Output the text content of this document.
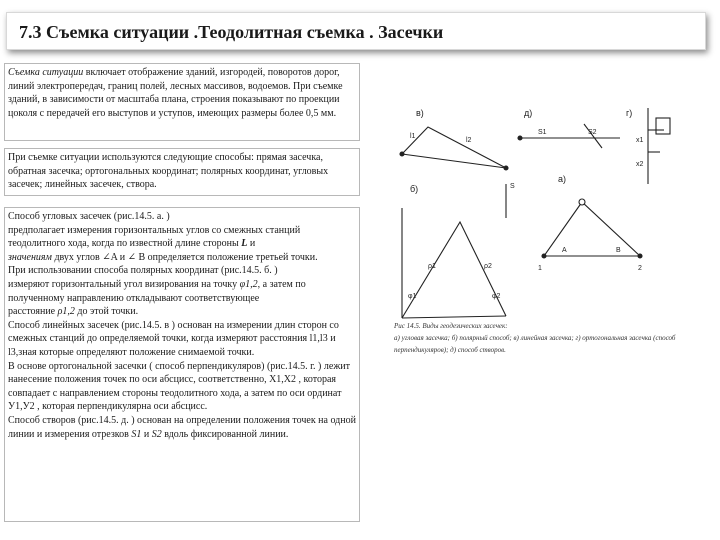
7.3 Съемка ситуации .Теодолитная съемка . Засечки

Съемка ситуации включает отображение зданий, изгородей, поворотов дорог, линий электропередач, границ полей, лесных массивов, водоемов. При съемке зданий, в зависимости от масштаба плана, строения показывают по проекции цоколя с передачей его выступов и уступов, имеющих размеры более 0,5 мм.

При съемке ситуации используются следующие способы: прямая засечка, обратная засечка; ортогональных координат; полярных координат, угловых засечек; линейных засечек, створа.

Способ угловых засечек (рис.14.5. а. )

предполагает измерения горизонтальных углов со смежных станций теодолитного хода, когда по известной длине стороны L и

значениям двух углов ∠A и ∠ B определяется положение третьей точки.

При использовании способа полярных координат (рис.14.5. б. )

измеряют горизонтальный угол визирования на точку φ1,2, а затем по полученному направлению откладывают соответствующее

расстояние ρ1,2 до этой точки.

Способ линейных засечек (рис.14.5. в ) основан на измерении длин сторон со смежных станций до определяемой точки, когда измеряют расстояния l1,l3 и l3,зная которые определяют положение снимаемой точки.

В основе ортогональной засечки ( способ перпендикуляров) (рис.14.5. г. ) лежит нанесение положения точек по оси абсцисс, соответственно, Х1,Х2 , которая совпадает с направлением стороны теодолитного хода, а затем по оси ординат У1,У2 , которая перпендикулярна оси абсцисс.

Способ створов (рис.14.5. д. ) основан на определении положения точек на одной линии и измерения отрезков S1 и S2 вдоль фиксированной линии.

в)
l1
l2
д)
S1	S2
г)
x1
x2
б)	S
ρ1	ρ2
φ1	φ2
а)
A	B
1	2
Рис 14.5. Виды геодезических засечек:
а) угловая засечка; б) полярный способ; в) линейная засечка; г) ортогональная засечка (способ перпендикуляров); д) способ створов.
